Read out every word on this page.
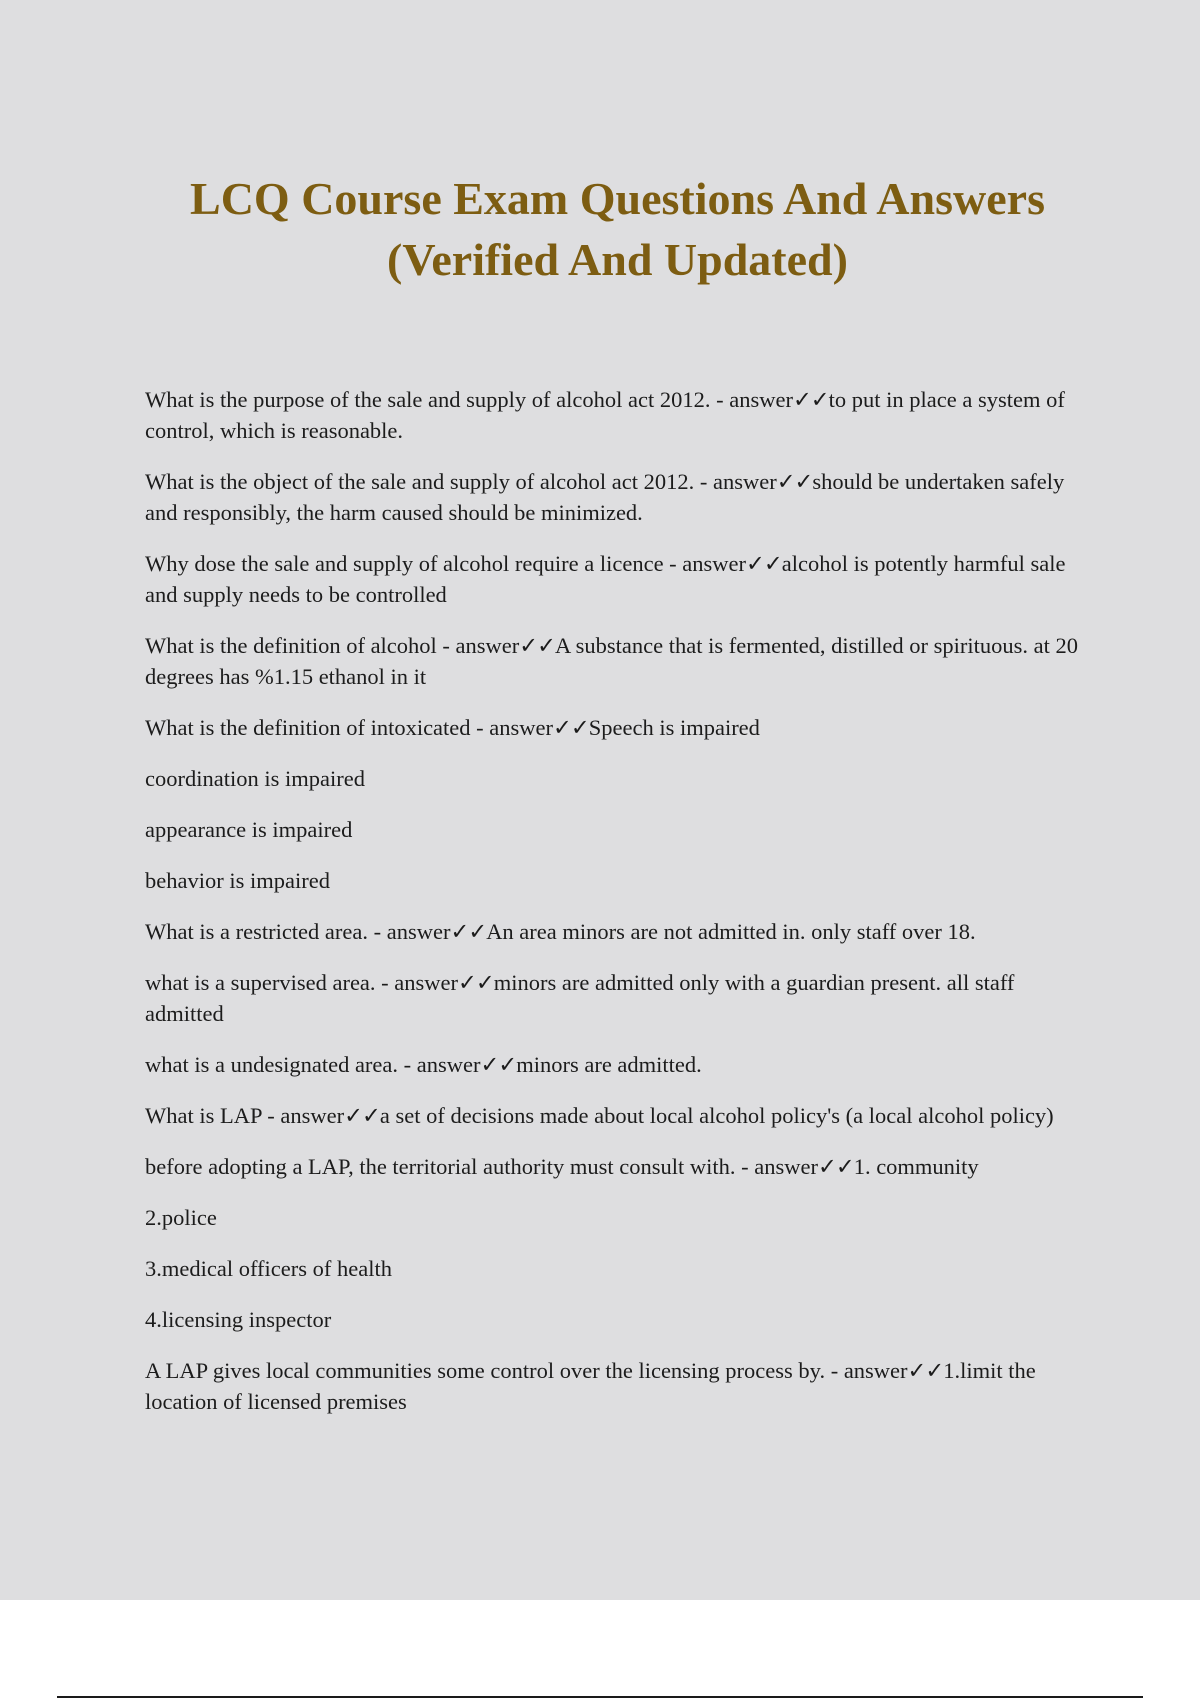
LCQ Course Exam Questions And Answers
(Verified And Updated)
What is the purpose of the sale and supply of alcohol act 2012. - answer✓✓to put in place a system of control, which is reasonable.
What is the object of the sale and supply of alcohol act 2012. - answer✓✓should be undertaken safely and responsibly, the harm caused should be minimized.
Why dose the sale and supply of alcohol require a licence - answer✓✓alcohol is potently harmful sale and supply needs to be controlled
What is the definition of alcohol - answer✓✓A substance that is fermented, distilled or spirituous. at 20 degrees has %1.15 ethanol in it
What is the definition of intoxicated - answer✓✓Speech is impaired
coordination is impaired
appearance is impaired
behavior is impaired
What is a restricted area. - answer✓✓An area minors are not admitted in. only staff over 18.
what is a supervised area. - answer✓✓minors are admitted only with a guardian present. all staff admitted
what is a undesignated area. - answer✓✓minors are admitted.
What is LAP - answer✓✓a set of decisions made about local alcohol policy's (a local alcohol policy)
before adopting a LAP, the territorial authority must consult with. - answer✓✓1. community
2.police
3.medical officers of health
4.licensing inspector
A LAP gives local communities some control over the licensing process by. - answer✓✓1.limit the location of licensed premises
